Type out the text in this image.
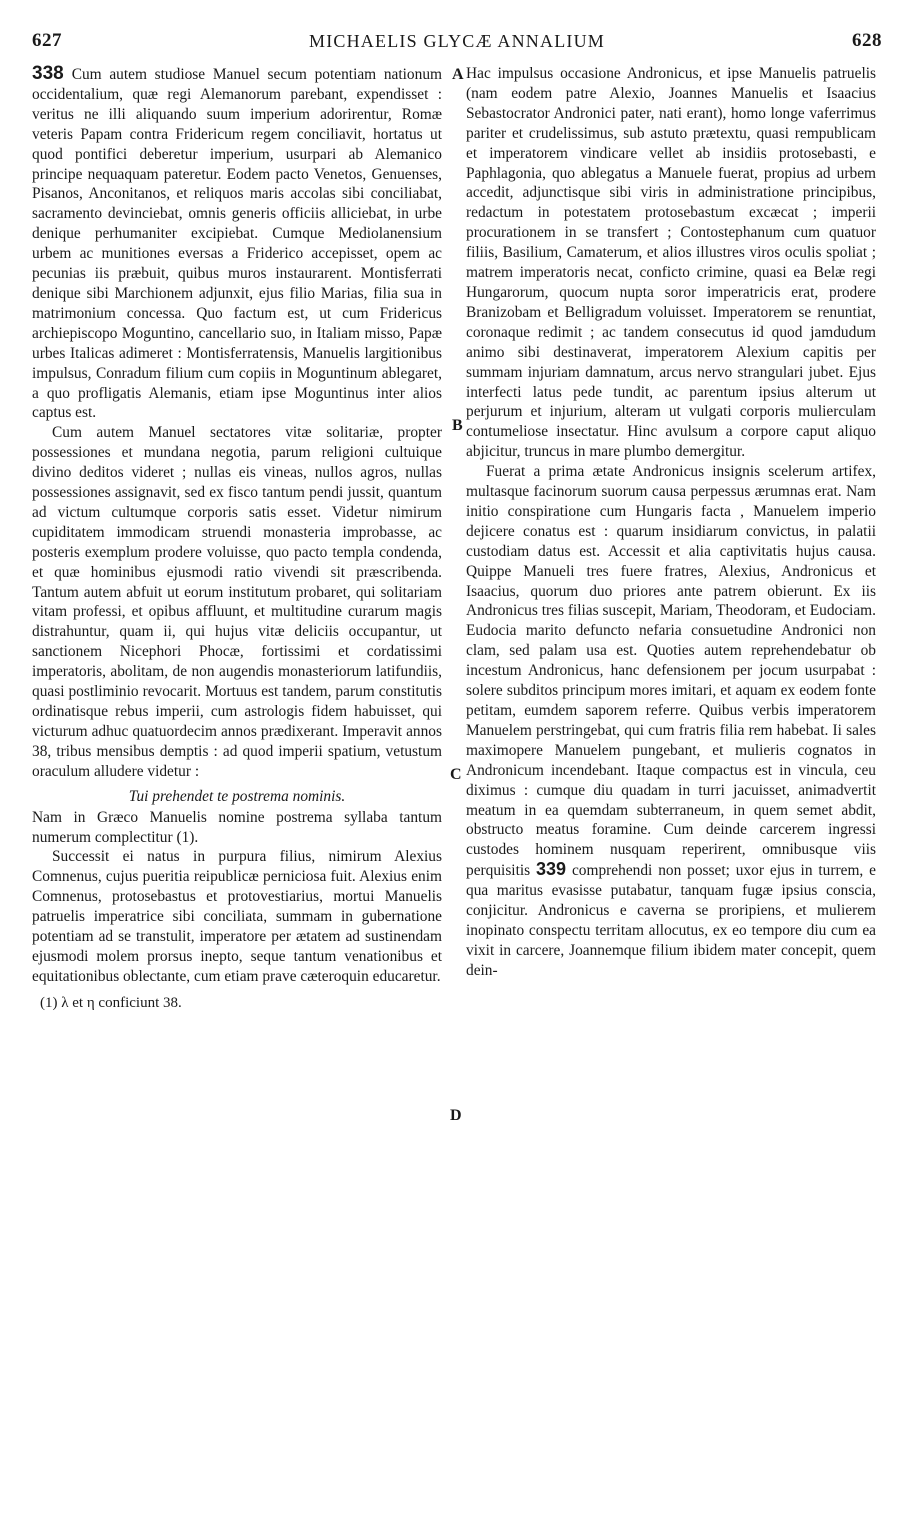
627	MICHAELIS GLYCÆ ANNALIUM	628
A
B
C
D

338 Cum autem studiose Manuel secum potentiam nationum occidentalium, quæ regi Alemanorum parebant, expendisset : veritus ne illi aliquando suum imperium adorirentur, Romæ veteris Papam contra Fridericum regem conciliavit, hortatus ut quod pontifici deberetur imperium, usurpari ab Alemanico principe nequaquam pateretur. Eodem pacto Venetos, Genuenses, Pisanos, Anconitanos, et reliquos maris accolas sibi conciliabat, sacramento devinciebat, omnis generis officiis alliciebat, in urbe denique perhumaniter excipiebat. Cumque Mediolanensium urbem ac munitiones eversas a Friderico accepisset, opem ac pecunias iis præbuit, quibus muros instaurarent. Montisferrati denique sibi Marchionem adjunxit, ejus filio Marias, filia sua in matrimonium concessa. Quo factum est, ut cum Fridericus archiepiscopo Moguntino, cancellario suo, in Italiam misso, Papæ urbes Italicas adimeret : Montisferratensis, Manuelis largitionibus impulsus, Conradum filium cum copiis in Moguntinum ablegaret, a quo profligatis Alemanis, etiam ipse Moguntinus inter alios captus est.

Cum autem Manuel sectatores vitæ solitariæ, propter possessiones et mundana negotia, parum religioni cultuique divino deditos videret ; nullas eis vineas, nullos agros, nullas possessiones assignavit, sed ex fisco tantum pendi jussit, quantum ad victum cultumque corporis satis esset. Videtur nimirum cupiditatem immodicam struendi monasteria improbasse, ac posteris exemplum prodere voluisse, quo pacto templa condenda, et quæ hominibus ejusmodi ratio vivendi sit præscribenda. Tantum autem abfuit ut eorum institutum probaret, qui solitariam vitam professi, et opibus affluunt, et multitudine curarum magis distrahuntur, quam ii, qui hujus vitæ deliciis occupantur, ut sanctionem Nicephori Phocæ, fortissimi et cordatissimi imperatoris, abolitam, de non augendis monasteriorum latifundiis, quasi postliminio revocarit. Mortuus est tandem, parum constitutis ordinatisque rebus imperii, cum astrologis fidem habuisset, qui victurum adhuc quatuordecim annos prædixerant. Imperavit annos 38, tribus mensibus demptis : ad quod imperii spatium, vetustum oraculum alludere videtur :

Tui prehendet te postrema nominis.

Nam in Græco Manuelis nomine postrema syllaba tantum numerum complectitur (1).

Successit ei natus in purpura filius, nimirum Alexius Comnenus, cujus pueritia reipublicæ perniciosa fuit. Alexius enim Comnenus, protosebastus et protovestiarius, mortui Manuelis patruelis imperatrice sibi conciliata, summam in gubernatione potentiam ad se transtulit, imperatore per ætatem ad sustinendam ejusmodi molem prorsus inepto, seque tantum venationibus et equitationibus oblectante, cum etiam prave cæteroquin educaretur.

(1) λ et η conficiunt 38.

Hac impulsus occasione Andronicus, et ipse Manuelis patruelis (nam eodem patre Alexio, Joannes Manuelis et Isaacius Sebastocrator Andronici pater, nati erant), homo longe vaferrimus pariter et crudelissimus, sub astuto prætextu, quasi rempublicam et imperatorem vindicare vellet ab insidiis protosebasti, e Paphlagonia, quo ablegatus a Manuele fuerat, propius ad urbem accedit, adjunctisque sibi viris in administratione principibus, redactum in potestatem protosebastum excæcat ; imperii procurationem in se transfert ; Contostephanum cum quatuor filiis, Basilium, Camaterum, et alios illustres viros oculis spoliat ; matrem imperatoris necat, conficto crimine, quasi ea Belæ regi Hungarorum, quocum nupta soror imperatricis erat, prodere Branizobam et Belligradum voluisset. Imperatorem se renuntiat, coronaque redimit ; ac tandem consecutus id quod jamdudum animo sibi destinaverat, imperatorem Alexium capitis per summam injuriam damnatum, arcus nervo strangulari jubet. Ejus interfecti latus pede tundit, ac parentum ipsius alterum ut perjurum et injurium, alteram ut vulgati corporis mulierculam contumeliose insectatur. Hinc avulsum a corpore caput aliquo abjicitur, truncus in mare plumbo demergitur.

Fuerat a prima ætate Andronicus insignis scelerum artifex, multasque facinorum suorum causa perpessus ærumnas erat. Nam initio conspiratione cum Hungaris facta , Manuelem imperio dejicere conatus est : quarum insidiarum convictus, in palatii custodiam datus est. Accessit et alia captivitatis hujus causa. Quippe Manueli tres fuere fratres, Alexius, Andronicus et Isaacius, quorum duo priores ante patrem obierunt. Ex iis Andronicus tres filias suscepit, Mariam, Theodoram, et Eudociam. Eudocia marito defuncto nefaria consuetudine Andronici non clam, sed palam usa est. Quoties autem reprehendebatur ob incestum Andronicus, hanc defensionem per jocum usurpabat : solere subditos principum mores imitari, et aquam ex eodem fonte petitam, eumdem saporem referre. Quibus verbis imperatorem Manuelem perstringebat, qui cum fratris filia rem habebat. Ii sales maximopere Manuelem pungebant, et mulieris cognatos in Andronicum incendebant. Itaque compactus est in vincula, ceu diximus : cumque diu quadam in turri jacuisset, animadvertit meatum in ea quemdam subterraneum, in quem semet abdit, obstructo meatus foramine. Cum deinde carcerem ingressi custodes hominem nusquam reperirent, omnibusque viis perquisitis 339 comprehendi non posset; uxor ejus in turrem, e qua maritus evasisse putabatur, tanquam fugæ ipsius conscia, conjicitur. Andronicus e caverna se proripiens, et mulierem inopinato conspectu territam allocutus, ex eo tempore diu cum ea vixit in carcere, Joannemque filium ibidem mater concepit, quem dein-
